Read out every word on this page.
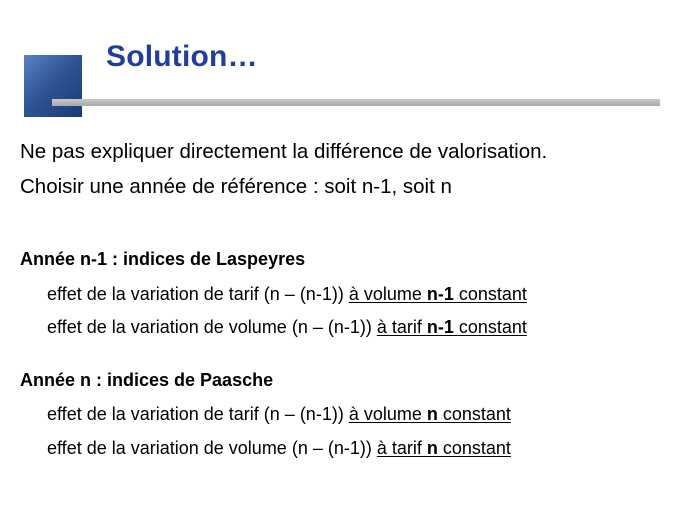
Solution…
Ne pas expliquer directement la différence de valorisation.
Choisir une année de référence : soit n-1, soit n
Année n-1 : indices de Laspeyres
effet de la variation de tarif (n – (n-1)) à volume n-1 constant
effet de la variation de volume (n – (n-1)) à tarif n-1 constant
Année n : indices de Paasche
effet de la variation de tarif (n – (n-1)) à volume n constant
effet de la variation de volume (n – (n-1)) à tarif n constant
